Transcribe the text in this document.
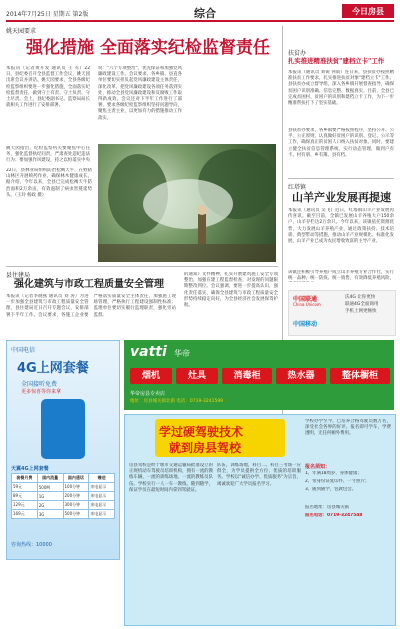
2014年7月25日 星期五 第2版	综合	今日房县
姚天园要求
强化措施 全面落实纪检监督责任
本报讯（记者黄开发 通讯员 王 军）22日，县纪委召开全县监督工作会议，姚天园出席会议并讲话。姚天园要求，全县各级纪检监察组织要进一步强化措施，全面落实纪检监督责任，做到守土有责、守土负责、守土尽责。会上，县纪委副书记、监察局局长就相关工作进行了安排部署。
姚天园指出，纪检监察机关要聚焦中心任务，强化监督执纪问责，严肃查处违纪违法行为；要加强作风建设，持之以恒落实中央
说："六个专项整治"，优先保证和加强党风廉政建设工作。会议要求，各乡镇、县直各单位要切实担负起党风廉政建设主体责任，深化改革，把党风廉政建设各项任务落到实处，推动全县党风廉政建设和反腐败工作取得新成效。会议还对下半年工作进行了部署，要求各级纪检监察组织坚持问题导向，聚焦主责主业，以更加有力的措施推动工作落实。
22日，县林业局组织防治松褐天牛，在野猪山林区开展喷药作业，确保林木健康成长。据介绍，今年以来，全县已完成松褐天牛防治面积2万余亩，有效遏制了病虫害蔓延势头。（王玲 杨政 摄）
县住建局
强化建筑与市政工程质量安全管理
本报讯（记者李晓燕 通讯员 刘 涛）为进一步加强全县建筑与市政工程质量安全管理，县住建局近日召开专题会议，安排部署下半年工作。会议要求，各施工企业要严格落实质量安全主体责任，加强施工现场管理，严格执行工程建设强制性标准；监理单位要切实履行监理职责，强化旁站监督。
的通知》文件精神，扎实开展建筑施工安全专项整治，加强在建工程监督检查，对发现的问题限期整改到位。会议强调，要进一步提高认识，强化责任落实，确保全县建筑与市政工程质量安全形势持续稳定向好，为全县经济社会发展保驾护航。
扶贫办
扎实推进精准扶贫"建档立卡"工作
本报讯（通讯员 刘锐 何雨）连日来，县扶贫办按照精准扶贫工作要求，扎实推进扶贫对象"建档立卡"工作。县扶贫办成立督导组，深入各乡镇开展督查指导，确保贫困户识别准确、信息完整、数据真实。目前，全县已完成贫困村、贫困户的识别和建档立卡工作，为下一步精准帮扶打下了坚实基础。
县扶贫办要求，各乡镇要严格按照程序，坚持公开、公平、公正原则，认真做好贫困户的识别、登记、公示等工作，确保真正的贫困人口纳入扶贫对象。同时，要建立健全扶贫信息管理系统，实行动态管理，做到户有卡、村有册、乡有簿、县有档。
红塔镇
山羊产业发展再提速
本报讯（通讯员 吴飞）近日，红塔镇山羊产业发展再传喜讯。截至目前，全镇已发展山羊养殖大户150余户，山羊存栏达2万余只。今年以来，该镇依托资源优势，大力发展山羊养殖产业，通过政策扶持、技术培训、典型带动等措施，推动山羊产业规模化、标准化发展，山羊产业已成为农民增收致富的主导产业。
该镇还积极引导养殖户成立山羊养殖专业合作社，实行统一品种、统一防疫、统一销售，有效降低养殖风险，
中国电信
4G上网套餐
全国接听免费
更多惊喜等你来拿
天翼4G上网套餐
套餐月费	国内流量	国内通话	赠送
59元	500M	100分钟	来电显示
89元	1G	200分钟	来电显示
129元	2G	300分钟	来电显示
169元	3G	500分钟	来电显示
咨询热线：10000
中国联通
China Unicom
沃4G 让你更快
联通4G全面商用
手机上网更畅快
中国移动
vatti 华帝
烟机	灶具	消毒柜	热水器	整体橱柜
华帝房县专卖店
地址：房县城关镇北街 电话：0719-3241599
学过硬驾驶技术
就到房县驾校
房县驾校是经十堰市交通运输局批准设立的正规机动车驾驶员培训机构，拥有一流的教练车辆、一流的训练场地、一流的教练员队伍。学校实行一人一车一教练，随到随学，保证学员在最短时间内拿到驾驶证。
队伍，训练场地，科目二、科目三考场一应俱全，为学员提供全方位、优质的培训服务。学校以"诚信办学、优质服务"为宗旨，竭诚欢迎广大学员报名学习。
学校办学至今，已培养合格驾驶员数万名，深受社会各界的好评。报名即可学车，学费透明，无任何额外费用。
报名须知：
1、年满18周岁，身体健康；
2、带身份证复印件、一寸照片；
3、随到随学，包教包会。
报名地址：房县城关镇
报名电话：0719-3247548
